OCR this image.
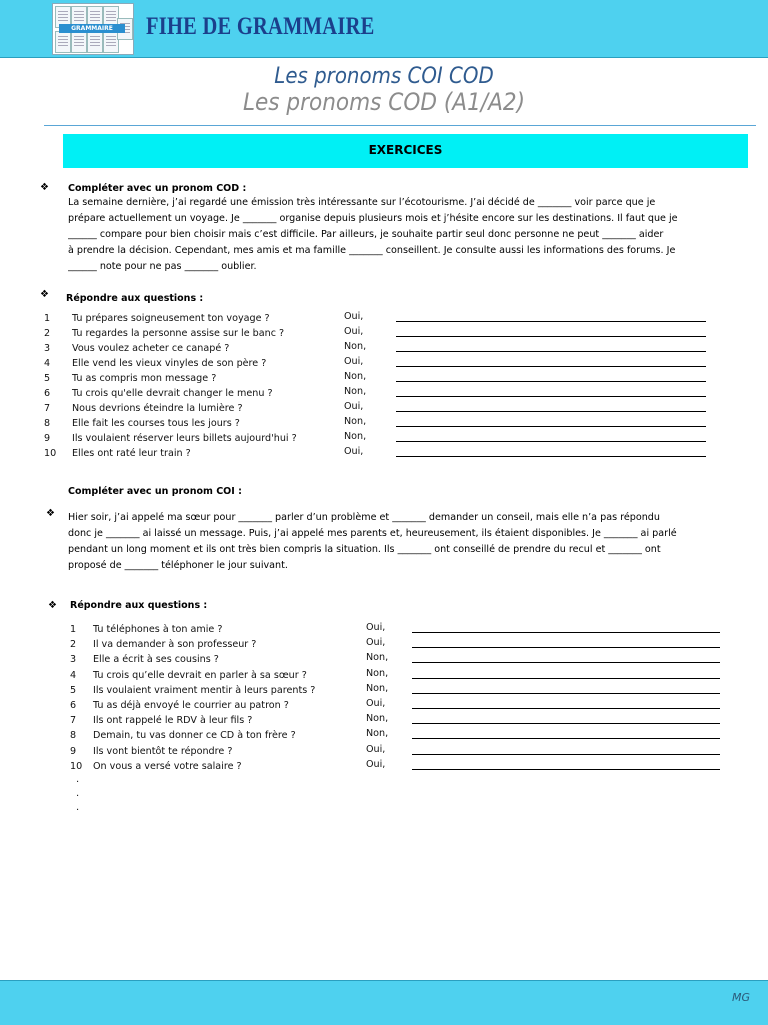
GRAMMAIRE	FIHE DE GRAMMAIRE
Les pronoms COI COD
Les pronoms COD (A1/A2)
EXERCICES
❖ Compléter avec un pronom COD :
La semaine dernière, j’ai regardé une émission très intéressante sur l’écotourisme. J’ai décidé de _______ voir parce que je
prépare actuellement un voyage. Je _______ organise depuis plusieurs mois et j’hésite encore sur les destinations. Il faut que je
______ compare pour bien choisir mais c’est difficile. Par ailleurs, je souhaite partir seul donc personne ne peut _______ aider
à prendre la décision. Cependant, mes amis et ma famille _______ conseillent. Je consulte aussi les informations des forums. Je
______ note pour ne pas _______ oublier.
❖ Répondre aux questions :
1 Tu prépares soigneusement ton voyage ?	Oui,
2 Tu regardes la personne assise sur le banc ?	Oui,
3 Vous voulez acheter ce canapé ?	Non,
4 Elle vend les vieux vinyles de son père ?	Oui,
5 Tu as compris mon message ?	Non,
6 Tu crois qu'elle devrait changer le menu ?	Non,
7 Nous devrions éteindre la lumière ?	Oui,
8 Elle fait les courses tous les jours ?	Non,
9 Ils voulaient réserver leurs billets aujourd'hui ?	Non,
10 Elles ont raté leur train ?	Oui,
Compléter avec un pronom COI :
❖ Hier soir, j’ai appelé ma sœur pour _______ parler d’un problème et _______ demander un conseil, mais elle n’a pas répondu
donc je _______ ai laissé un message. Puis, j’ai appelé mes parents et, heureusement, ils étaient disponibles. Je _______ ai parlé
pendant un long moment et ils ont très bien compris la situation. Ils _______ ont conseillé de prendre du recul et _______ ont
proposé de _______ téléphoner le jour suivant.
❖ Répondre aux questions :
1 Tu téléphones à ton amie ?	Oui,
2 Il va demander à son professeur ?	Oui,
3 Elle a écrit à ses cousins ?	Non,
4 Tu crois qu’elle devrait en parler à sa sœur ?	Non,
5 Ils voulaient vraiment mentir à leurs parents ?	Non,
6 Tu as déjà envoyé le courrier au patron ?	Oui,
7 Ils ont rappelé le RDV à leur fils ?	Non,
8 Demain, tu vas donner ce CD à ton frère ?	Non,
9 Ils vont bientôt te répondre ?	Oui,
10 On vous a versé votre salaire ?	Oui,
·
·
·
MG
